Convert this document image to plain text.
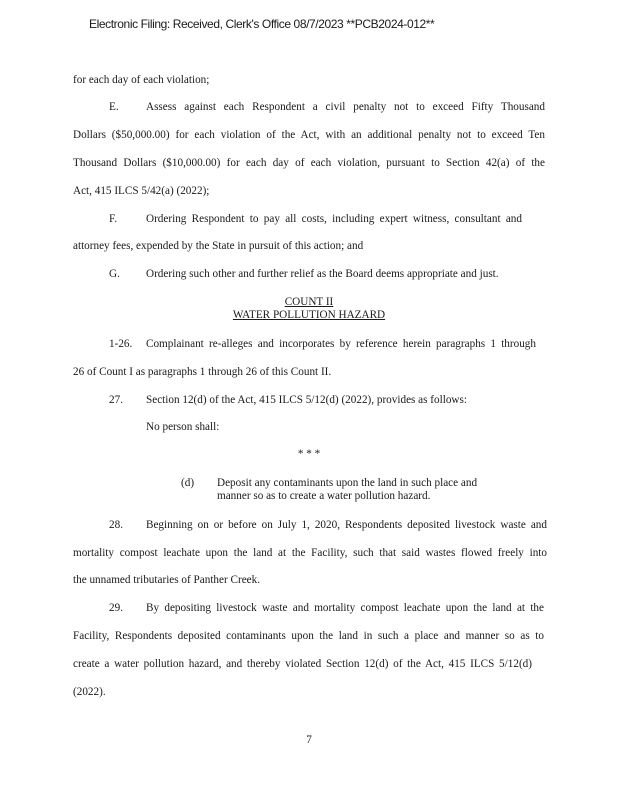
Electronic Filing: Received, Clerk's Office 08/7/2023 **PCB2024-012**
for each day of each violation;
E. Assess against each Respondent a civil penalty not to exceed Fifty Thousand
Dollars ($50,000.00) for each violation of the Act, with an additional penalty not to exceed Ten
Thousand Dollars ($10,000.00) for each day of each violation, pursuant to Section 42(a) of the
Act, 415 ILCS 5/42(a) (2022);
F.	Ordering Respondent to pay all costs, including expert witness, consultant and
attorney fees, expended by the State in pursuit of this action; and
G. Ordering such other and further relief as the Board deems appropriate and just.
COUNT II
WATER POLLUTION HAZARD
1-26. Complainant re-alleges and incorporates by reference herein paragraphs 1 through
26 of Count I as paragraphs 1 through 26 of this Count II.
27. Section 12(d) of the Act, 415 ILCS 5/12(d) (2022), provides as follows:
No person shall:
* * *
(d) Deposit any contaminants upon the land in such place and
manner so as to create a water pollution hazard.
28. Beginning on or before on July 1, 2020, Respondents deposited livestock waste and
mortality compost leachate upon the land at the Facility, such that said wastes flowed freely into
the unnamed tributaries of Panther Creek.
29. By depositing livestock waste and mortality compost leachate upon the land at the
Facility, Respondents deposited contaminants upon the land in such a place and manner so as to
create a water pollution hazard, and thereby violated Section 12(d) of the Act, 415 ILCS 5/12(d)
(2022).
7
